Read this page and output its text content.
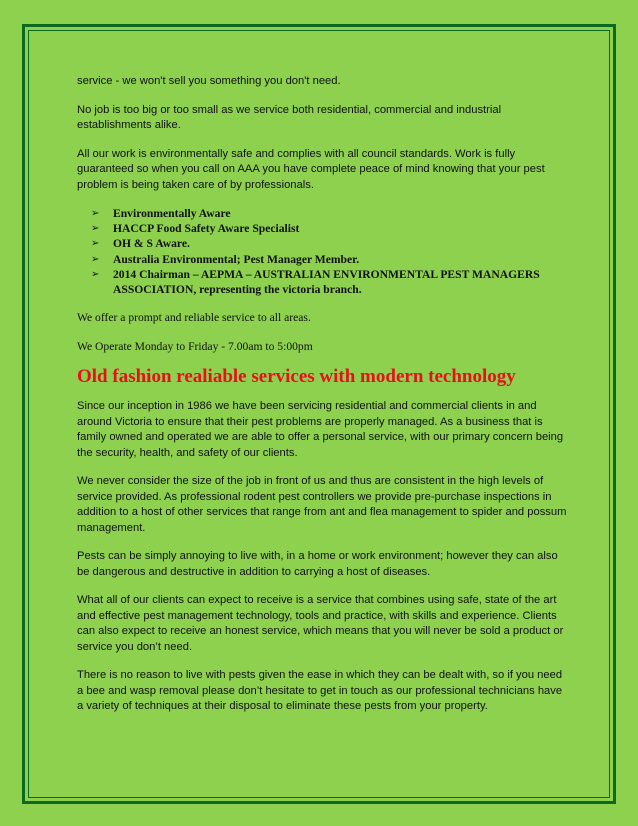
service - we won't sell you something you don't need.

No job is too big or too small as we service both residential, commercial and industrial establishments alike.

All our work is environmentally safe and complies with all council standards. Work is fully guaranteed so when you call on AAA you have complete peace of mind knowing that your pest problem is being taken care of by professionals.

➢ Environmentally Aware
➢ HACCP Food Safety Aware Specialist
➢ OH & S Aware.
➢ Australia Environmental; Pest Manager Member.
➢ 2014 Chairman – AEPMA – AUSTRALIAN ENVIRONMENTAL PEST MANAGERS ASSOCIATION, representing the victoria branch.

We offer a prompt and reliable service to all areas.

We Operate Monday to Friday - 7.00am to 5:00pm

Old fashion realiable services with modern technology

Since our inception in 1986 we have been servicing residential and commercial clients in and around Victoria to ensure that their pest problems are properly managed. As a business that is family owned and operated we are able to offer a personal service, with our primary concern being the security, health, and safety of our clients.

We never consider the size of the job in front of us and thus are consistent in the high levels of service provided. As professional rodent pest controllers we provide pre-purchase inspections in addition to a host of other services that range from ant and flea management to spider and possum management.

Pests can be simply annoying to live with, in a home or work environment; however they can also be dangerous and destructive in addition to carrying a host of diseases.

What all of our clients can expect to receive is a service that combines using safe, state of the art and effective pest management technology, tools and practice, with skills and experience. Clients can also expect to receive an honest service, which means that you will never be sold a product or service you don’t need.

There is no reason to live with pests given the ease in which they can be dealt with, so if you need a bee and wasp removal please don’t hesitate to get in touch as our professional technicians have a variety of techniques at their disposal to eliminate these pests from your property.
